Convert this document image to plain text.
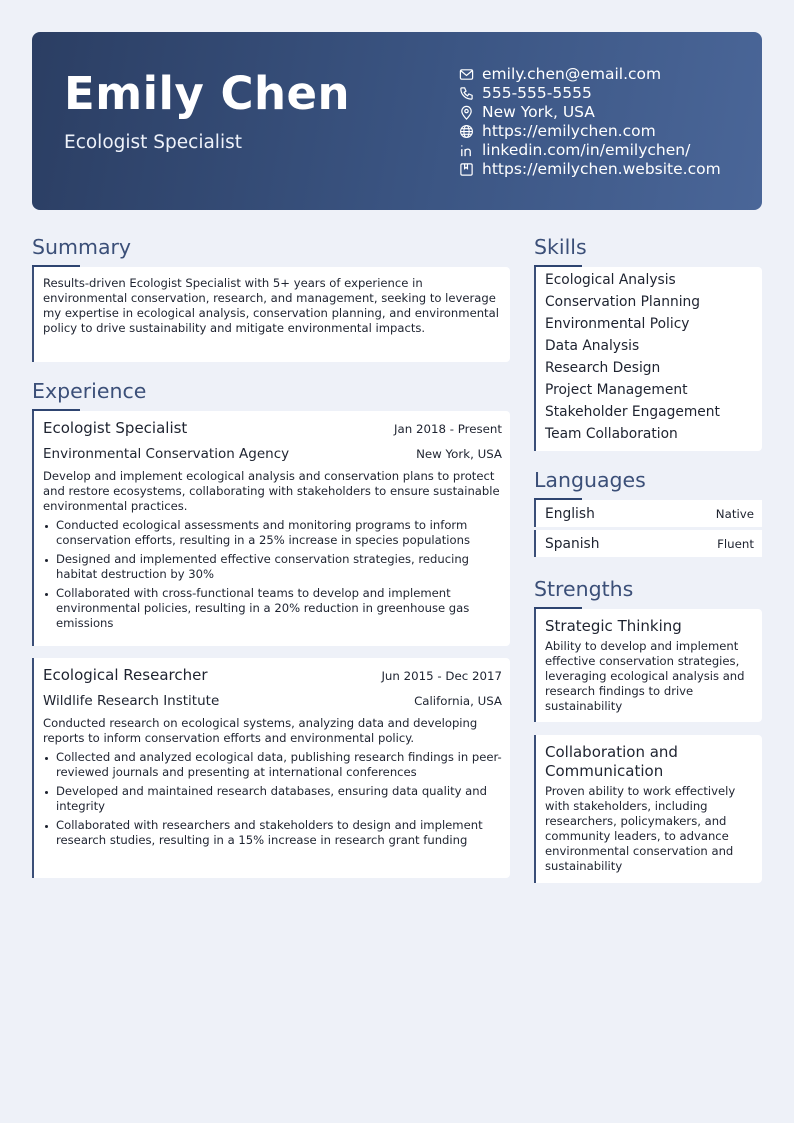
Emily Chen
Ecologist Specialist
emily.chen@email.com
555-555-5555
New York, USA
https://emilychen.com
linkedin.com/in/emilychen/
https://emilychen.website.com
Summary

Results-driven Ecologist Specialist with 5+ years of experience in environmental conservation, research, and management, seeking to leverage my expertise in ecological analysis, conservation planning, and environmental policy to drive sustainability and mitigate environmental impacts.

Experience
Ecologist Specialist	Jan 2018 - Present
Environmental Conservation Agency	New York, USA

Develop and implement ecological analysis and conservation plans to protect and restore ecosystems, collaborating with stakeholders to ensure sustainable environmental practices.

Conducted ecological assessments and monitoring programs to inform conservation efforts, resulting in a 25% increase in species populations
Designed and implemented effective conservation strategies, reducing habitat destruction by 30%
Collaborated with cross-functional teams to develop and implement environmental policies, resulting in a 20% reduction in greenhouse gas emissions
Ecological Researcher	Jun 2015 - Dec 2017
Wildlife Research Institute	California, USA

Conducted research on ecological systems, analyzing data and developing reports to inform conservation efforts and environmental policy.

Collected and analyzed ecological data, publishing research findings in peer-reviewed journals and presenting at international conferences
Developed and maintained research databases, ensuring data quality and integrity
Collaborated with researchers and stakeholders to design and implement research studies, resulting in a 15% increase in research grant funding
Skills
Ecological Analysis
Conservation Planning
Environmental Policy
Data Analysis
Research Design
Project Management
Stakeholder Engagement
Team Collaboration
Languages
English	Native
Spanish	Fluent
Strengths
Strategic Thinking

Ability to develop and implement effective conservation strategies, leveraging ecological analysis and research findings to drive sustainability

Collaboration and Communication

Proven ability to work effectively with stakeholders, including researchers, policymakers, and community leaders, to advance environmental conservation and sustainability
